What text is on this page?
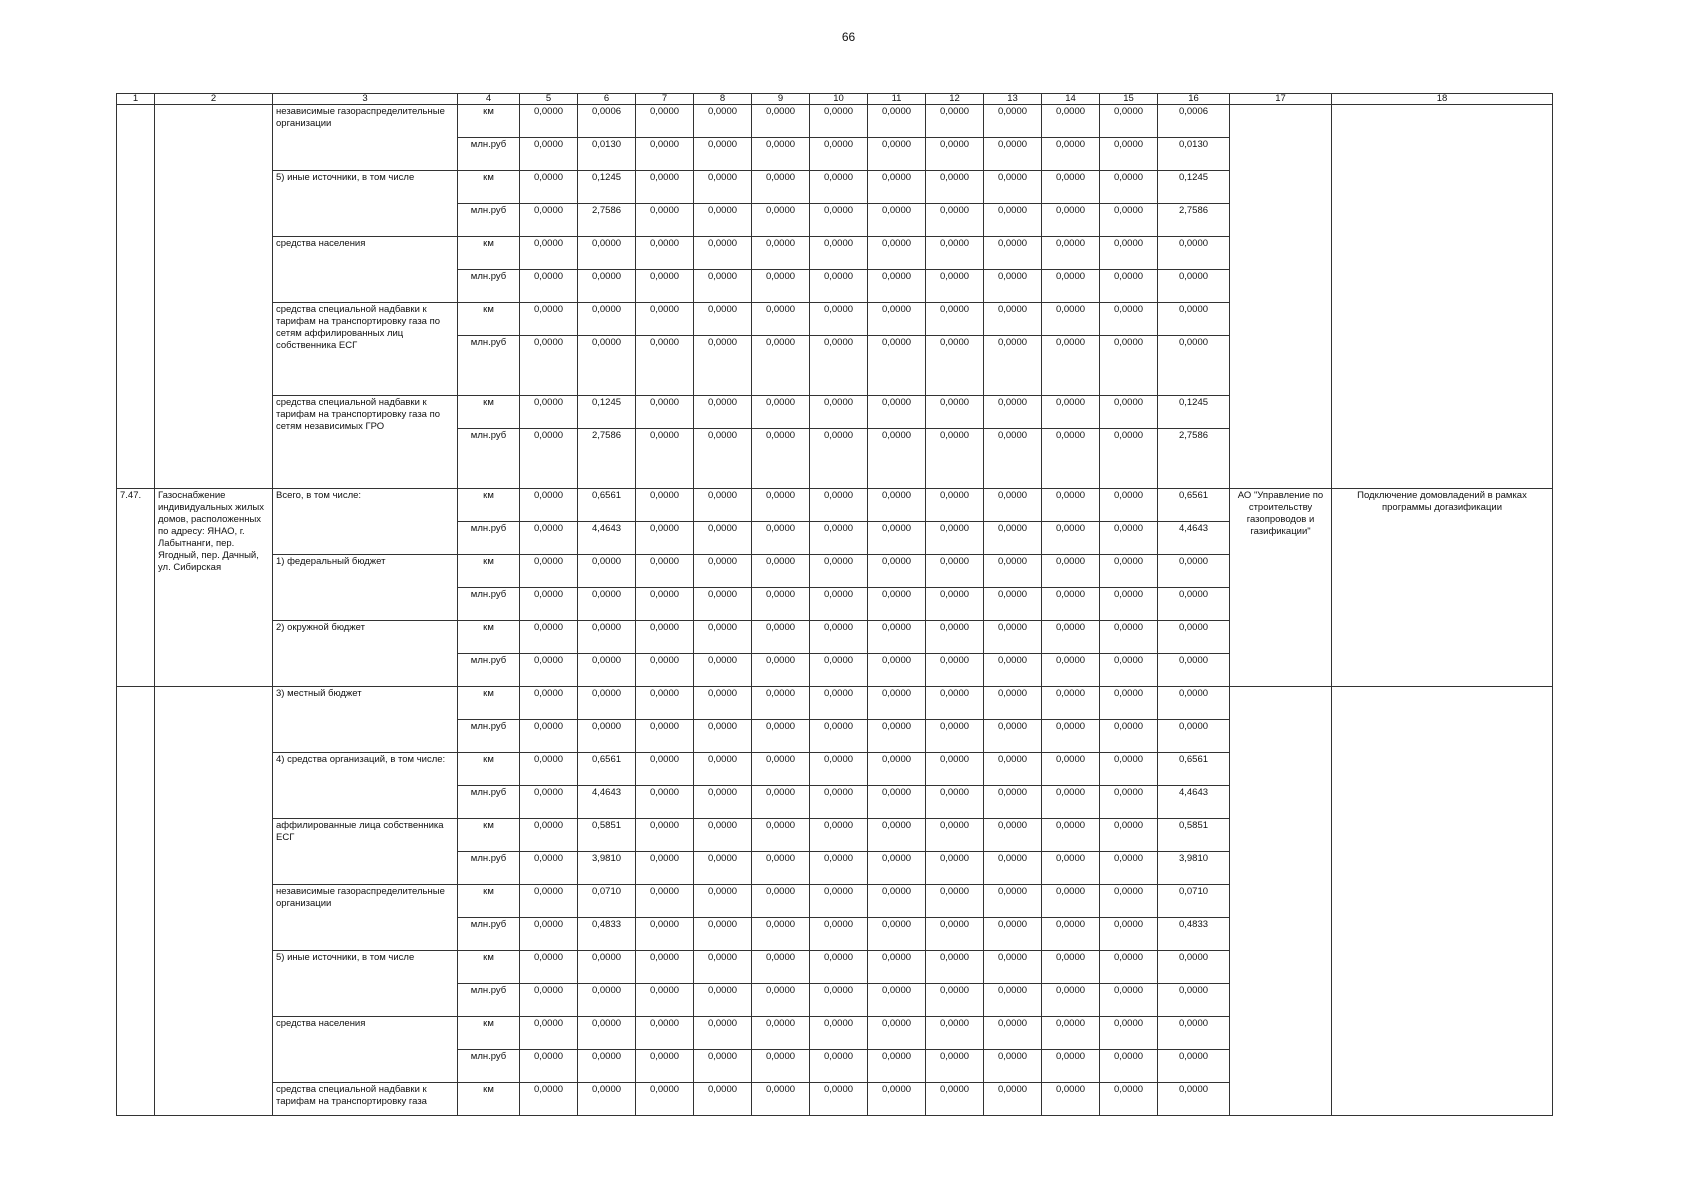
66
1	2	3	4	5	6	7	8	9	10	11	12	13	14	15	16	17	18
		независимые газораспределительные организации	км	0,0000	0,0006	0,0000	0,0000	0,0000	0,0000	0,0000	0,0000	0,0000	0,0000	0,0000	0,0006		
			млн.руб	0,0000	0,0130	0,0000	0,0000	0,0000	0,0000	0,0000	0,0000	0,0000	0,0000	0,0000	0,0130		
		5) иные источники, в том числе	км	0,0000	0,1245	0,0000	0,0000	0,0000	0,0000	0,0000	0,0000	0,0000	0,0000	0,0000	0,1245		
			млн.руб	0,0000	2,7586	0,0000	0,0000	0,0000	0,0000	0,0000	0,0000	0,0000	0,0000	0,0000	2,7586		
		средства населения	км	0,0000	0,0000	0,0000	0,0000	0,0000	0,0000	0,0000	0,0000	0,0000	0,0000	0,0000	0,0000		
			млн.руб	0,0000	0,0000	0,0000	0,0000	0,0000	0,0000	0,0000	0,0000	0,0000	0,0000	0,0000	0,0000		
		средства специальной надбавки к тарифам на транспортировку газа по сетям аффилированных лиц собственника ЕСГ	км	0,0000	0,0000	0,0000	0,0000	0,0000	0,0000	0,0000	0,0000	0,0000	0,0000	0,0000	0,0000		
			млн.руб	0,0000	0,0000	0,0000	0,0000	0,0000	0,0000	0,0000	0,0000	0,0000	0,0000	0,0000	0,0000		
		средства специальной надбавки к тарифам на транспортировку газа по сетям независимых ГРО	км	0,0000	0,1245	0,0000	0,0000	0,0000	0,0000	0,0000	0,0000	0,0000	0,0000	0,0000	0,1245		
			млн.руб	0,0000	2,7586	0,0000	0,0000	0,0000	0,0000	0,0000	0,0000	0,0000	0,0000	0,0000	2,7586		
7.47.	Газоснабжение индивидуальных жилых домов, расположенных по адресу: ЯНАО, г. Лабытнанги, пер. Ягодный, пер. Дачный, ул. Сибирская	Всего, в том числе:	км	0,0000	0,6561	0,0000	0,0000	0,0000	0,0000	0,0000	0,0000	0,0000	0,0000	0,0000	0,6561	АО "Управление по строительству газопроводов и газификации"	Подключение домовладений в рамках программы догазификации
			млн.руб	0,0000	4,4643	0,0000	0,0000	0,0000	0,0000	0,0000	0,0000	0,0000	0,0000	0,0000	4,4643		
		1) федеральный бюджет	км	0,0000	0,0000	0,0000	0,0000	0,0000	0,0000	0,0000	0,0000	0,0000	0,0000	0,0000	0,0000		
			млн.руб	0,0000	0,0000	0,0000	0,0000	0,0000	0,0000	0,0000	0,0000	0,0000	0,0000	0,0000	0,0000		
		2) окружной бюджет	км	0,0000	0,0000	0,0000	0,0000	0,0000	0,0000	0,0000	0,0000	0,0000	0,0000	0,0000	0,0000		
			млн.руб	0,0000	0,0000	0,0000	0,0000	0,0000	0,0000	0,0000	0,0000	0,0000	0,0000	0,0000	0,0000		
		3) местный бюджет	км	0,0000	0,0000	0,0000	0,0000	0,0000	0,0000	0,0000	0,0000	0,0000	0,0000	0,0000	0,0000		
			млн.руб	0,0000	0,0000	0,0000	0,0000	0,0000	0,0000	0,0000	0,0000	0,0000	0,0000	0,0000	0,0000		
		4) средства организаций, в том числе:	км	0,0000	0,6561	0,0000	0,0000	0,0000	0,0000	0,0000	0,0000	0,0000	0,0000	0,0000	0,6561		
			млн.руб	0,0000	4,4643	0,0000	0,0000	0,0000	0,0000	0,0000	0,0000	0,0000	0,0000	0,0000	4,4643		
		аффилированные лица собственника ЕСГ	км	0,0000	0,5851	0,0000	0,0000	0,0000	0,0000	0,0000	0,0000	0,0000	0,0000	0,0000	0,5851		
			млн.руб	0,0000	3,9810	0,0000	0,0000	0,0000	0,0000	0,0000	0,0000	0,0000	0,0000	0,0000	3,9810		
		независимые газораспределительные организации	км	0,0000	0,0710	0,0000	0,0000	0,0000	0,0000	0,0000	0,0000	0,0000	0,0000	0,0000	0,0710		
			млн.руб	0,0000	0,4833	0,0000	0,0000	0,0000	0,0000	0,0000	0,0000	0,0000	0,0000	0,0000	0,4833		
		5) иные источники, в том числе	км	0,0000	0,0000	0,0000	0,0000	0,0000	0,0000	0,0000	0,0000	0,0000	0,0000	0,0000	0,0000		
			млн.руб	0,0000	0,0000	0,0000	0,0000	0,0000	0,0000	0,0000	0,0000	0,0000	0,0000	0,0000	0,0000		
		средства населения	км	0,0000	0,0000	0,0000	0,0000	0,0000	0,0000	0,0000	0,0000	0,0000	0,0000	0,0000	0,0000		
			млн.руб	0,0000	0,0000	0,0000	0,0000	0,0000	0,0000	0,0000	0,0000	0,0000	0,0000	0,0000	0,0000		
		средства специальной надбавки к тарифам на транспортировку газа	км	0,0000	0,0000	0,0000	0,0000	0,0000	0,0000	0,0000	0,0000	0,0000	0,0000	0,0000	0,0000		
